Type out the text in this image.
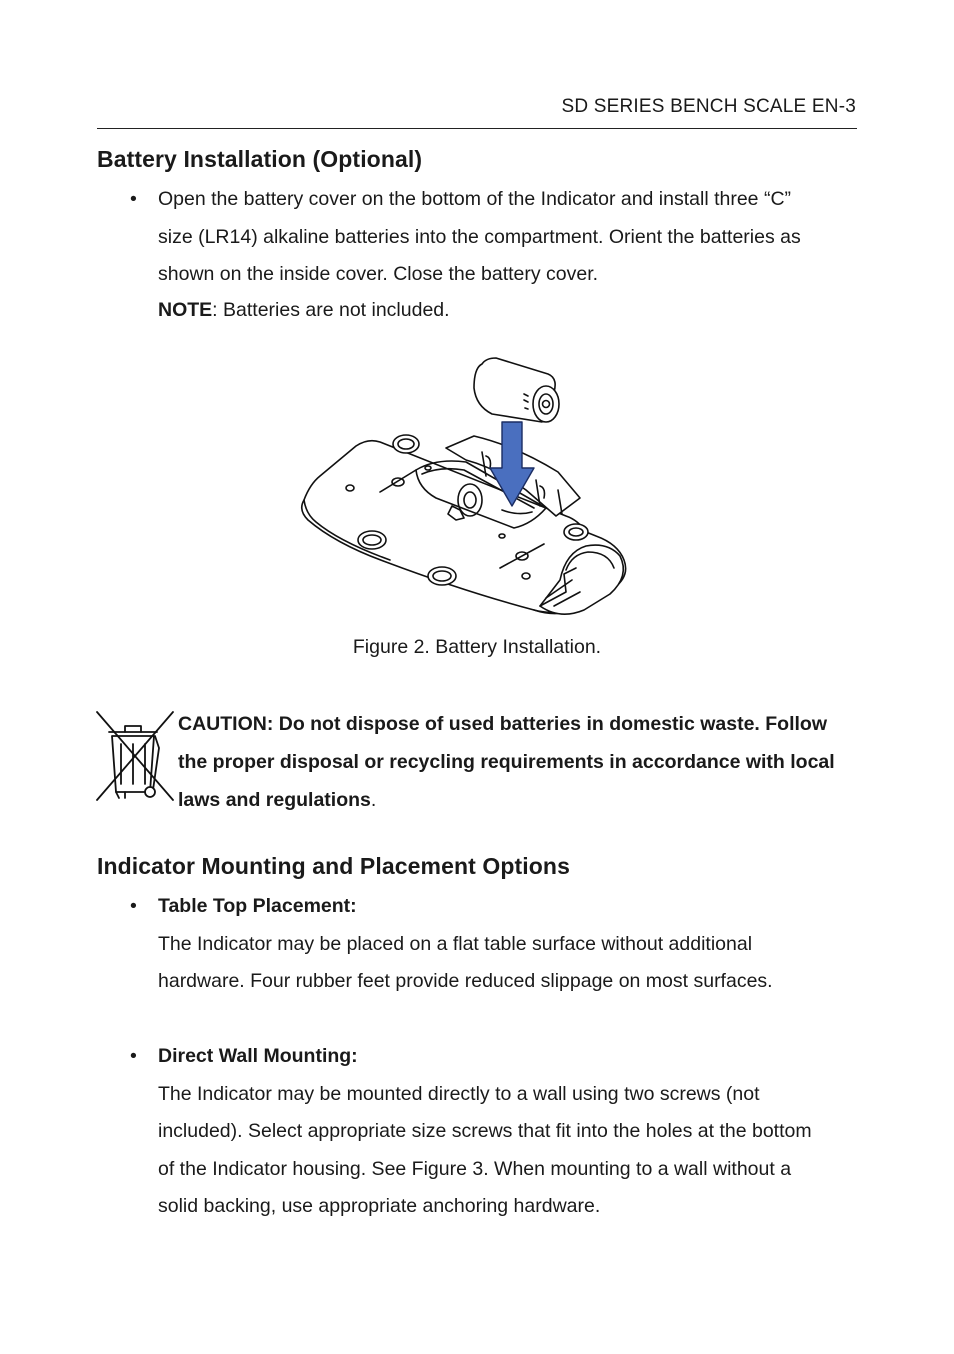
SD SERIES BENCH SCALE EN-3
Battery Installation (Optional)
• Open the battery cover on the bottom of the Indicator and install three “C”
size (LR14) alkaline batteries into the compartment. Orient the batteries as
shown on the inside cover. Close the battery cover.
NOTE: Batteries are not included.
Figure 2. Battery Installation.
CAUTION: Do not dispose of used batteries in domestic waste. Follow
the proper disposal or recycling requirements in accordance with local
laws and regulations.
Indicator Mounting and Placement Options
• Table Top Placement:
The Indicator may be placed on a flat table surface without additional
hardware. Four rubber feet provide reduced slippage on most surfaces.
• Direct Wall Mounting:
The Indicator may be mounted directly to a wall using two screws (not
included). Select appropriate size screws that fit into the holes at the bottom
of the Indicator housing. See Figure 3. When mounting to a wall without a
solid backing, use appropriate anchoring hardware.
